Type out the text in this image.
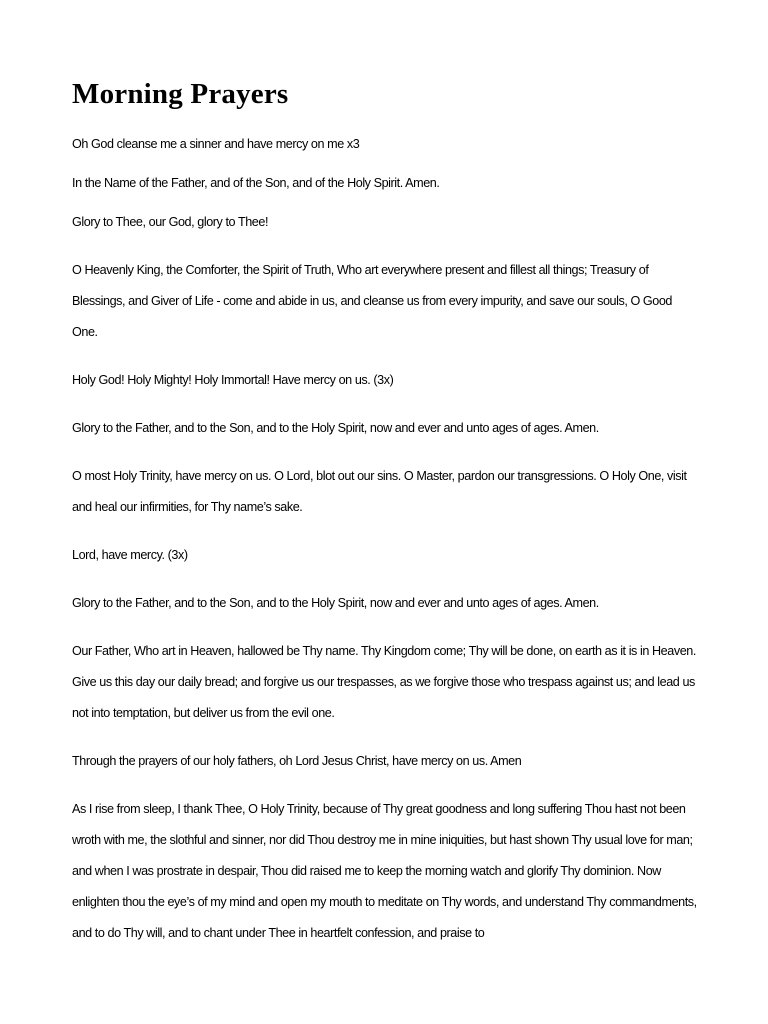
Morning Prayers

Oh God cleanse me a sinner and have mercy on me x3

In the Name of the Father, and of the Son, and of the Holy Spirit. Amen.

Glory to Thee, our God, glory to Thee!

O Heavenly King, the Comforter, the Spirit of Truth, Who art everywhere present and fillest all things; Treasury of Blessings, and Giver of Life - come and abide in us, and cleanse us from every impurity, and save our souls, O Good One.

Holy God! Holy Mighty! Holy Immortal! Have mercy on us. (3x)

Glory to the Father, and to the Son, and to the Holy Spirit, now and ever and unto ages of ages. Amen.

O most Holy Trinity, have mercy on us. O Lord, blot out our sins. O Master, pardon our transgressions. O Holy One, visit and heal our infirmities, for Thy name’s sake.

Lord, have mercy. (3x)

Glory to the Father, and to the Son, and to the Holy Spirit, now and ever and unto ages of ages. Amen.

Our Father, Who art in Heaven, hallowed be Thy name. Thy Kingdom come; Thy will be done, on earth as it is in Heaven. Give us this day our daily bread; and forgive us our trespasses, as we forgive those who trespass against us; and lead us not into temptation, but deliver us from the evil one.

Through the prayers of our holy fathers, oh Lord Jesus Christ, have mercy on us. Amen

As I rise from sleep, I thank Thee, O Holy Trinity, because of Thy great goodness and long suffering Thou hast not been wroth with me, the slothful and sinner, nor did Thou destroy me in mine iniquities, but hast shown Thy usual love for man; and when I was prostrate in despair, Thou did raised me to keep the morning watch and glorify Thy dominion. Now enlighten thou the eye’s of my mind and open my mouth to meditate on Thy words, and understand Thy commandments, and to do Thy will, and to chant under Thee in heartfelt confession, and praise to
